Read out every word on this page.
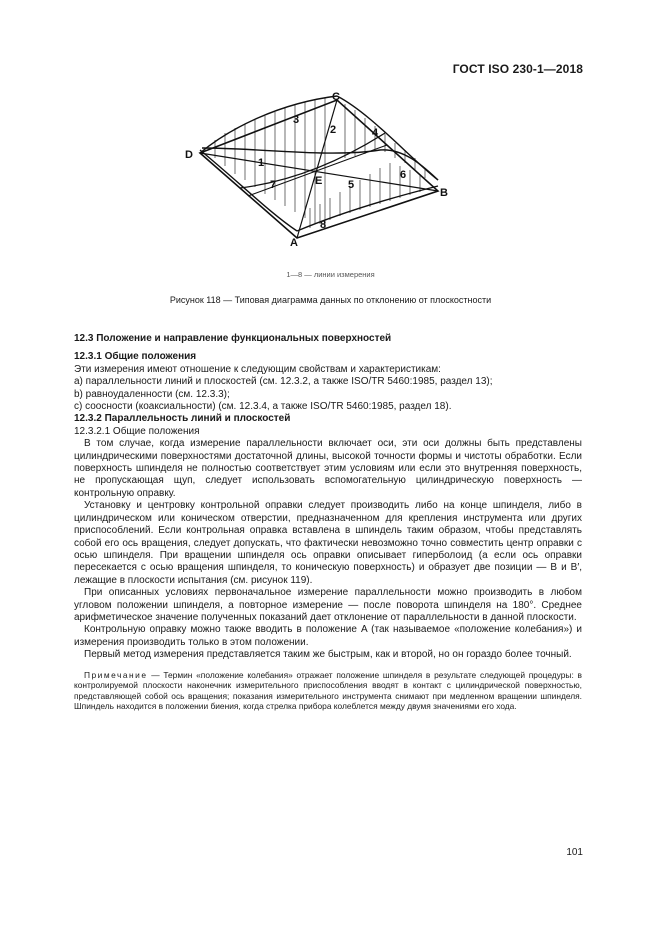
ГОСТ ISO 230-1—2018
C
D
B
A
E
1
2
3
4
5
6
7
8
1—8 — линии измерения
Рисунок 118 — Типовая диаграмма данных по отклонению от плоскостности

12.3 Положение и направление функциональных поверхностей

12.3.1 Общие положения

Эти измерения имеют отношение к следующим свойствам и характеристикам:

а) параллельности линий и плоскостей (см. 12.3.2, а также ISO/TR 5460:1985, раздел 13);

b) равноудаленности (см. 12.3.3);

c) соосности (коаксиальности) (см. 12.3.4, а также ISO/TR 5460:1985, раздел 18).

12.3.2 Параллельность линий и плоскостей

12.3.2.1 Общие положения

В том случае, когда измерение параллельности включает оси, эти оси должны быть представлены цилиндрическими поверхностями достаточной длины, высокой точности формы и чистоты обработки. Если поверхность шпинделя не полностью соответствует этим условиям или если это внутренняя поверхность, не пропускающая щуп, следует использовать вспомогательную цилиндрическую поверхность — контрольную оправку.

Установку и центровку контрольной оправки следует производить либо на конце шпинделя, либо в цилиндрическом или коническом отверстии, предназначенном для крепления инструмента или других приспособлений. Если контрольная оправка вставлена в шпиндель таким образом, чтобы представлять собой его ось вращения, следует допускать, что фактически невозможно точно совместить центр оправки с осью шпинделя. При вращении шпинделя ось оправки описывает гиперболоид (а если ось оправки пересекается с осью вращения шпинделя, то коническую поверхность) и образует две позиции — B и B′, лежащие в плоскости испытания (см. рисунок 119).

При описанных условиях первоначальное измерение параллельности можно производить в любом угловом положении шпинделя, а повторное измерение — после поворота шпинделя на 180°. Среднее арифметическое значение полученных показаний дает отклонение от параллельности в данной плоскости.

Контрольную оправку можно также вводить в положение A (так называемое «положение колебания») и измерения производить только в этом положении.

Первый метод измерения представляется таким же быстрым, как и второй, но он гораздо более точный.

Примечание — Термин «положение колебания» отражает положение шпинделя в результате следующей процедуры: в контролируемой плоскости наконечник измерительного приспособления вводят в контакт с цилиндрической поверхностью, представляющей собой ось вращения; показания измерительного инструмента снимают при медленном вращении шпинделя. Шпиндель находится в положении биения, когда стрелка прибора колеблется между двумя значениями его хода.

101
